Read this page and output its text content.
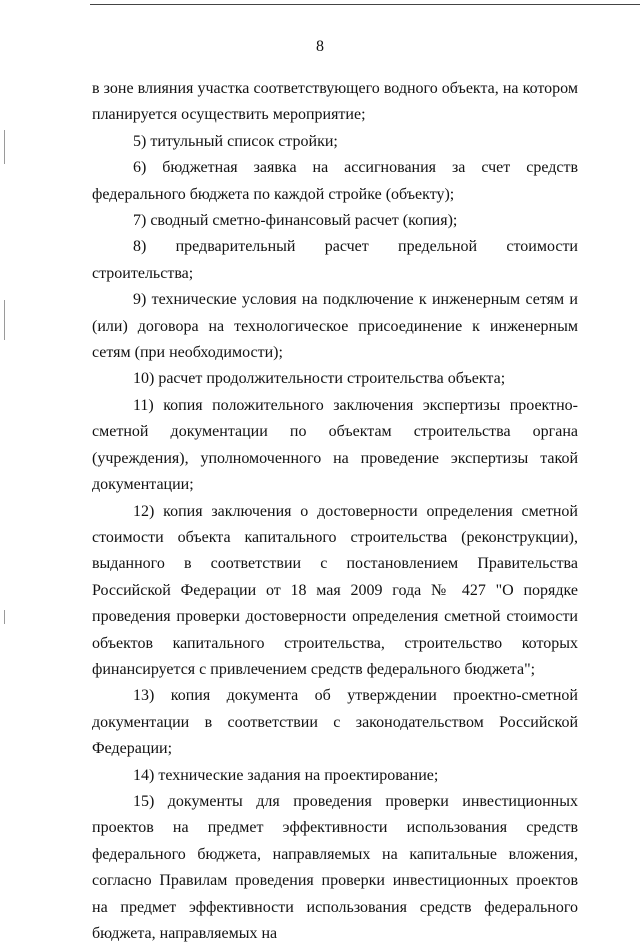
8

в зоне влияния участка соответствующего водного объекта, на котором планируется осуществить мероприятие;

5) титульный список стройки;

6) бюджетная заявка на ассигнования за счет средств федерального бюджета по каждой стройке (объекту);

7) сводный сметно-финансовый расчет (копия);

8) предварительный расчет предельной стоимости строительства;

9) технические условия на подключение к инженерным сетям и (или) договора на технологическое присоединение к инженерным сетям (при необходимости);

10) расчет продолжительности строительства объекта;

11) копия положительного заключения экспертизы проектно-сметной документации по объектам строительства органа (учреждения), уполномоченного на проведение экспертизы такой документации;

12) копия заключения о достоверности определения сметной стоимости объекта капитального строительства (реконструкции), выданного в соответствии с постановлением Правительства Российской Федерации от 18 мая 2009 года № 427 "О порядке проведения проверки достоверности определения сметной стоимости объектов капитального строительства, строительство которых финансируется с привлечением средств федерального бюджета";

13) копия документа об утверждении проектно-сметной документации в соответствии с законодательством Российской Федерации;

14) технические задания на проектирование;

15) документы для проведения проверки инвестиционных проектов на предмет эффективности использования средств федерального бюджета, направляемых на капитальные вложения, согласно Правилам проведения проверки инвестиционных проектов на предмет эффективности использования средств федерального бюджета, направляемых на
